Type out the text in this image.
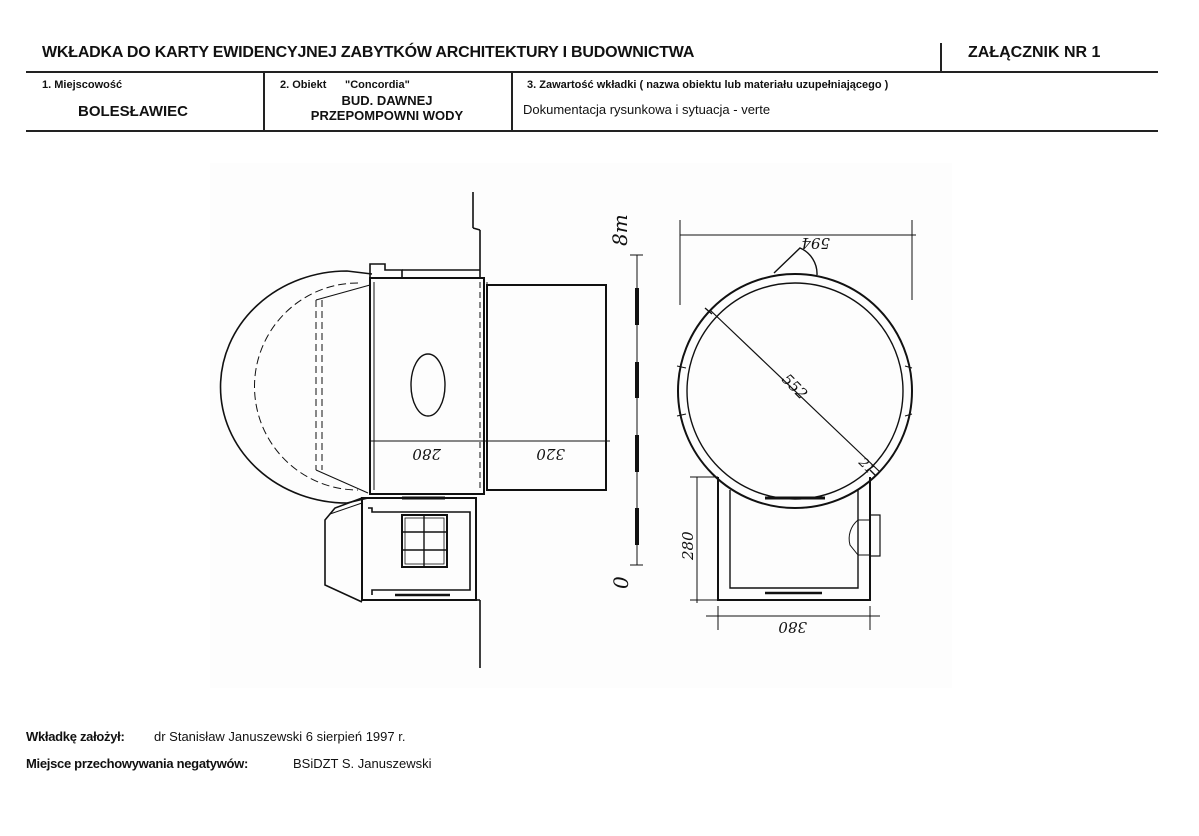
WKŁADKA DO KARTY EWIDENCYJNEJ ZABYTKÓW ARCHITEKTURY I BUDOWNICTWA	ZAŁĄCZNIK NR 1
1. Miejscowość
BOLESŁAWIEC
2. Obiekt "Concordia"
BUD. DAWNEJ
PRZEPOMPOWNI WODY
3. Zawartość wkładki ( nazwa obiektu lub materiału uzupełniającego )
Dokumentacja rysunkowa i sytuacja - verte
280	320
8m
0
594
552
21
280
380
Wkładkę założył: dr Stanisław Januszewski 6 sierpień 1997 r.
Miejsce przechowywania negatywów:	BSiDZT S. Januszewski
